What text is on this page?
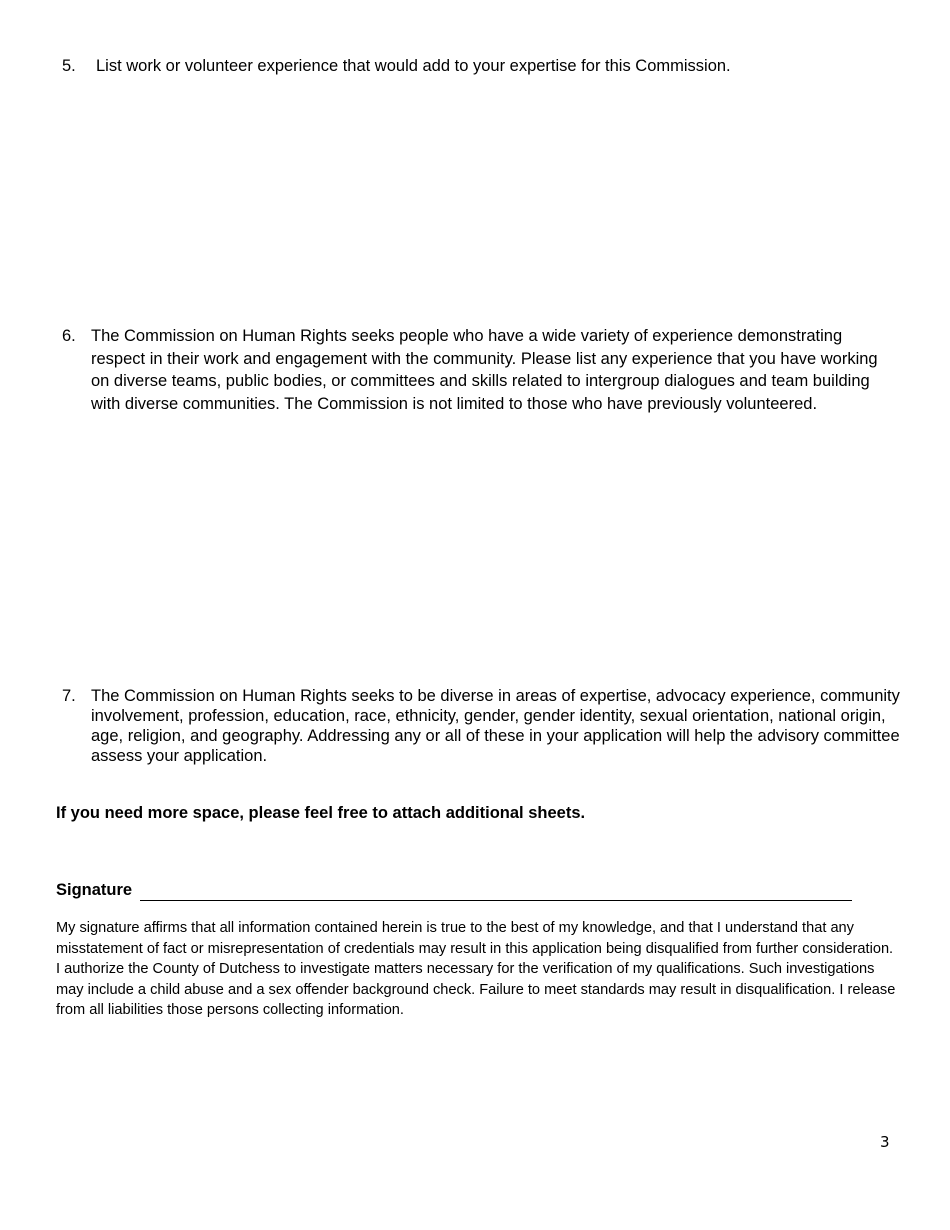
5.	List work or volunteer experience that would add to your expertise for this Commission.
6. The Commission on Human Rights seeks people who have a wide variety of experience demonstrating respect in their work and engagement with the community. Please list any experience that you have working on diverse teams, public bodies, or committees and skills related to intergroup dialogues and team building with diverse communities. The Commission is not limited to those who have previously volunteered.
7. The Commission on Human Rights seeks to be diverse in areas of expertise, advocacy experience, community involvement, profession, education, race, ethnicity, gender, gender identity, sexual orientation, national origin, age, religion, and geography. Addressing any or all of these in your application will help the advisory committee assess your application.
If you need more space, please feel free to attach additional sheets.
Signature
My signature affirms that all information contained herein is true to the best of my knowledge, and that I understand that any misstatement of fact or misrepresentation of credentials may result in this application being disqualified from further consideration. I authorize the County of Dutchess to investigate matters necessary for the verification of my qualifications. Such investigations may include a child abuse and a sex offender background check. Failure to meet standards may result in disqualification. I release from all liabilities those persons collecting information.
3
